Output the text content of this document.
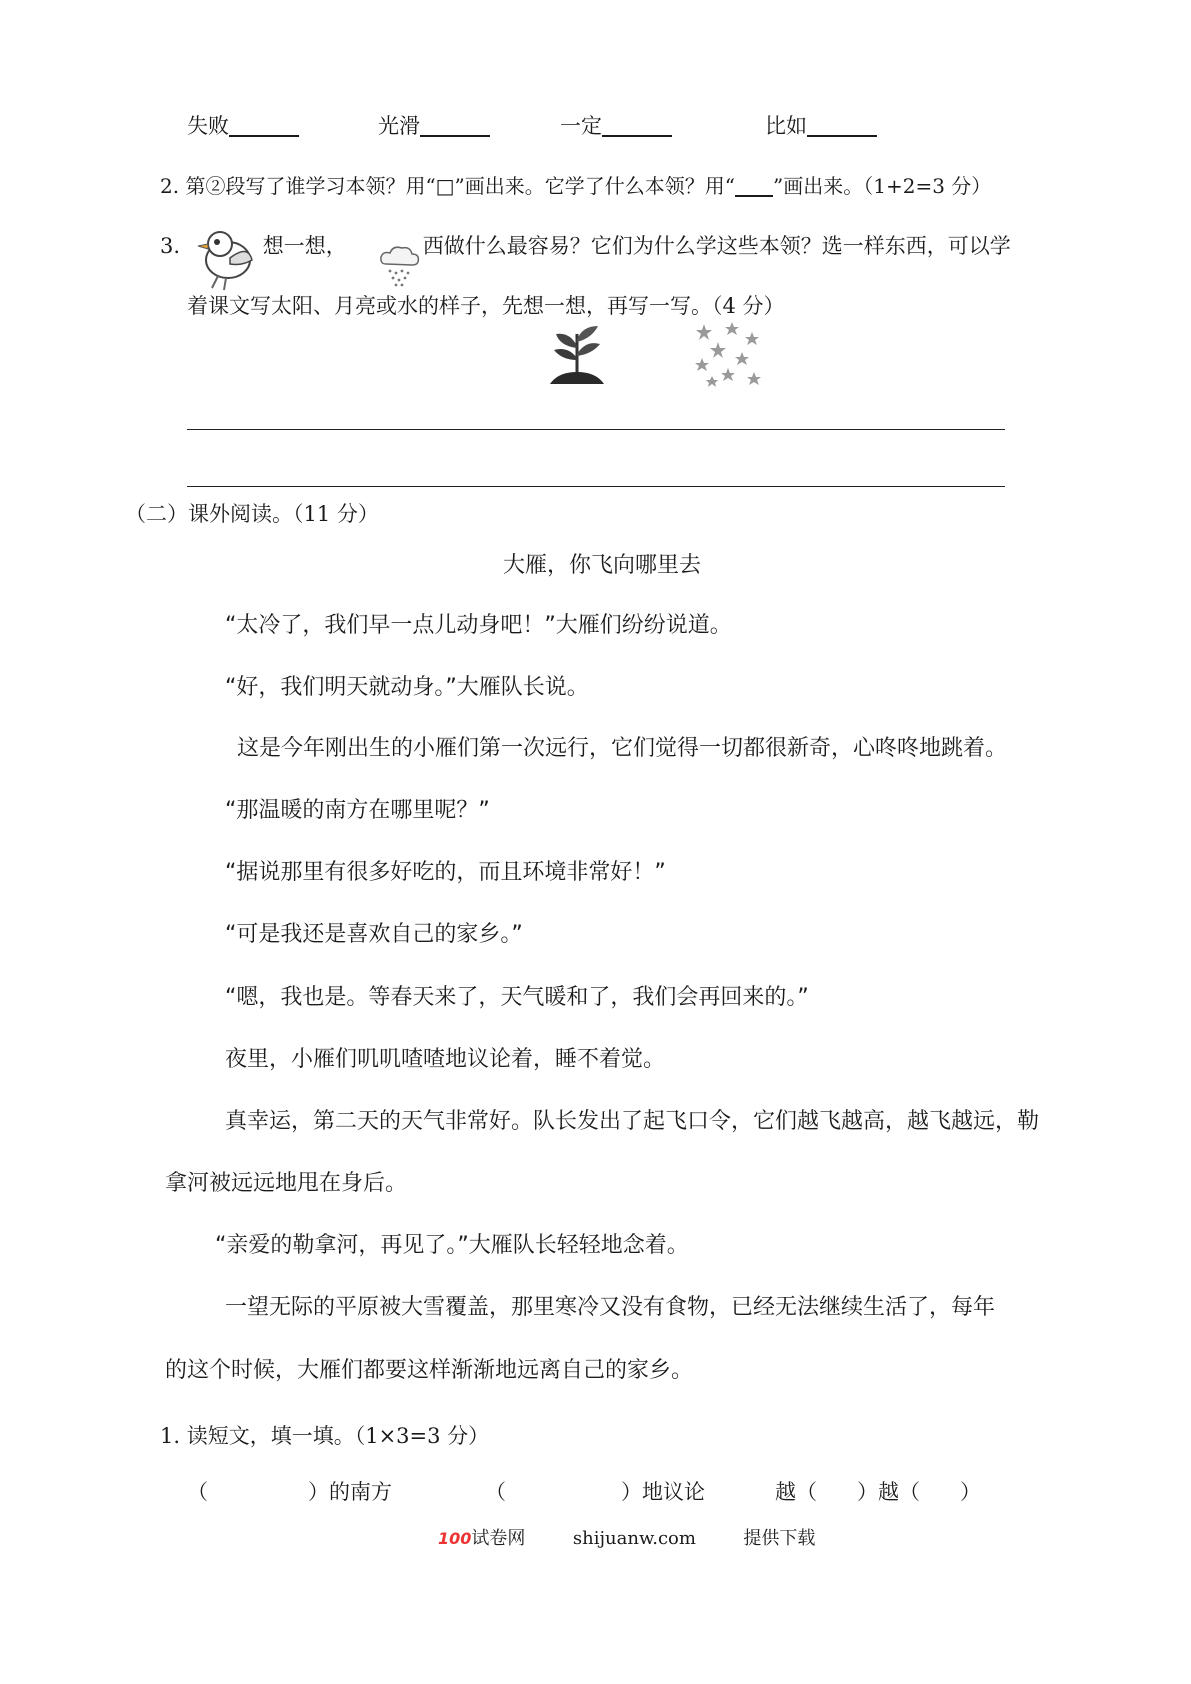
失败	光滑	一定	比如
2. 第②段写了谁学习本领？用“□”画出来。它学了什么本领？用“ ”画出来。（1+2=3 分）
3.	想一想，	西做什么最容易？它们为什么学这些本领？选一样东西，可以学
着课文写太阳、月亮或水的样子，先想一想，再写一写。（4 分）
（二）课外阅读。（11 分）
大雁，你飞向哪里去
“太冷了，我们早一点儿动身吧！”大雁们纷纷说道。
“好，我们明天就动身。”大雁队长说。
这是今年刚出生的小雁们第一次远行，它们觉得一切都很新奇，心咚咚地跳着。
“那温暖的南方在哪里呢？”
“据说那里有很多好吃的，而且环境非常好！”
“可是我还是喜欢自己的家乡。”
“嗯，我也是。等春天来了，天气暖和了，我们会再回来的。”
夜里，小雁们叽叽喳喳地议论着，睡不着觉。
真幸运，第二天的天气非常好。队长发出了起飞口令，它们越飞越高，越飞越远，勒
拿河被远远地甩在身后。
“亲爱的勒拿河，再见了。”大雁队长轻轻地念着。
一望无际的平原被大雪覆盖，那里寒冷又没有食物，已经无法继续生活了，每年
的这个时候，大雁们都要这样渐渐地远离自己的家乡。
1. 读短文，填一填。（1×3=3 分）
（	）的南方	（	）地议论	越（ ）越（ ）
100试卷网	shijuanw.com	提供下载
